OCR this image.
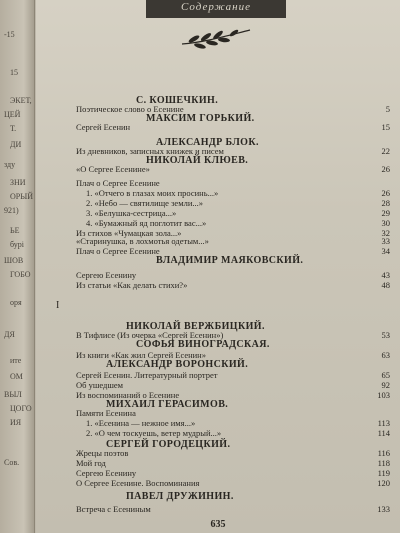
-15
15
ЭКЕТ,
ЦЕЙ
Т.
ДИ
зду
ЗНИ
ОРЫЙ
921)
ЬЕ
бурі
ШОВ
ГОБО
оря
ДЯ
ите
ОМ
ВЫЛ
ЦОГО
ИЯ
Сов.
Содержание
С. КОШЕЧКИН.
Поэтическое слово о Есенине	5
МАКСИМ ГОРЬКИЙ.
Сергей Есенин	15
АЛЕКСАНДР БЛОК.
Из дневников, записных книжек и писем	22
НИКОЛАЙ КЛЮЕВ.
«О Сергее Есенине»	26
Плач о Сергее Есенине
1. «Отчего в глазах моих просинь...»	26
2. «Небо — святилище земли...»	28
3. «Белушка-сестрица...»	29
4. «Бумажный яд поглотит вас...»	30
Из стихов «Чумацкая зола...»	32
«Старинушка, в лохмотья одетым...»	33
Плач о Сергее Есенине	34
ВЛАДИМИР МАЯКОВСКИЙ.
Сергею Есенину	43
Из статьи «Как делать стихи?»	48
НИКОЛАЙ ВЕРЖБИЦКИЙ.
В Тифлисе (Из очерка «Сергей Есенин»)	53
СОФЬЯ ВИНОГРАДСКАЯ.
Из книги «Как жил Сергей Есенин»	63
АЛЕКСАНДР ВОРОНСКИЙ.
Сергей Есенин. Литературный портрет	65
Об ушедшем	92
Из воспоминаний о Есенине	103
МИХАИЛ ГЕРАСИМОВ.
Памяти Есенина
1. «Есенина — нежное имя...»	113
2. «О чем тоскуешь, ветер мудрый...»	114
СЕРГЕЙ ГОРОДЕЦКИЙ.
Жрецы поэтов	116
Мой год	118
Сергею Есенину	119
О Сергее Есенине. Воспоминания	120
ПАВЕЛ ДРУЖИНИН.
Встреча с Есениным	133
I
635
